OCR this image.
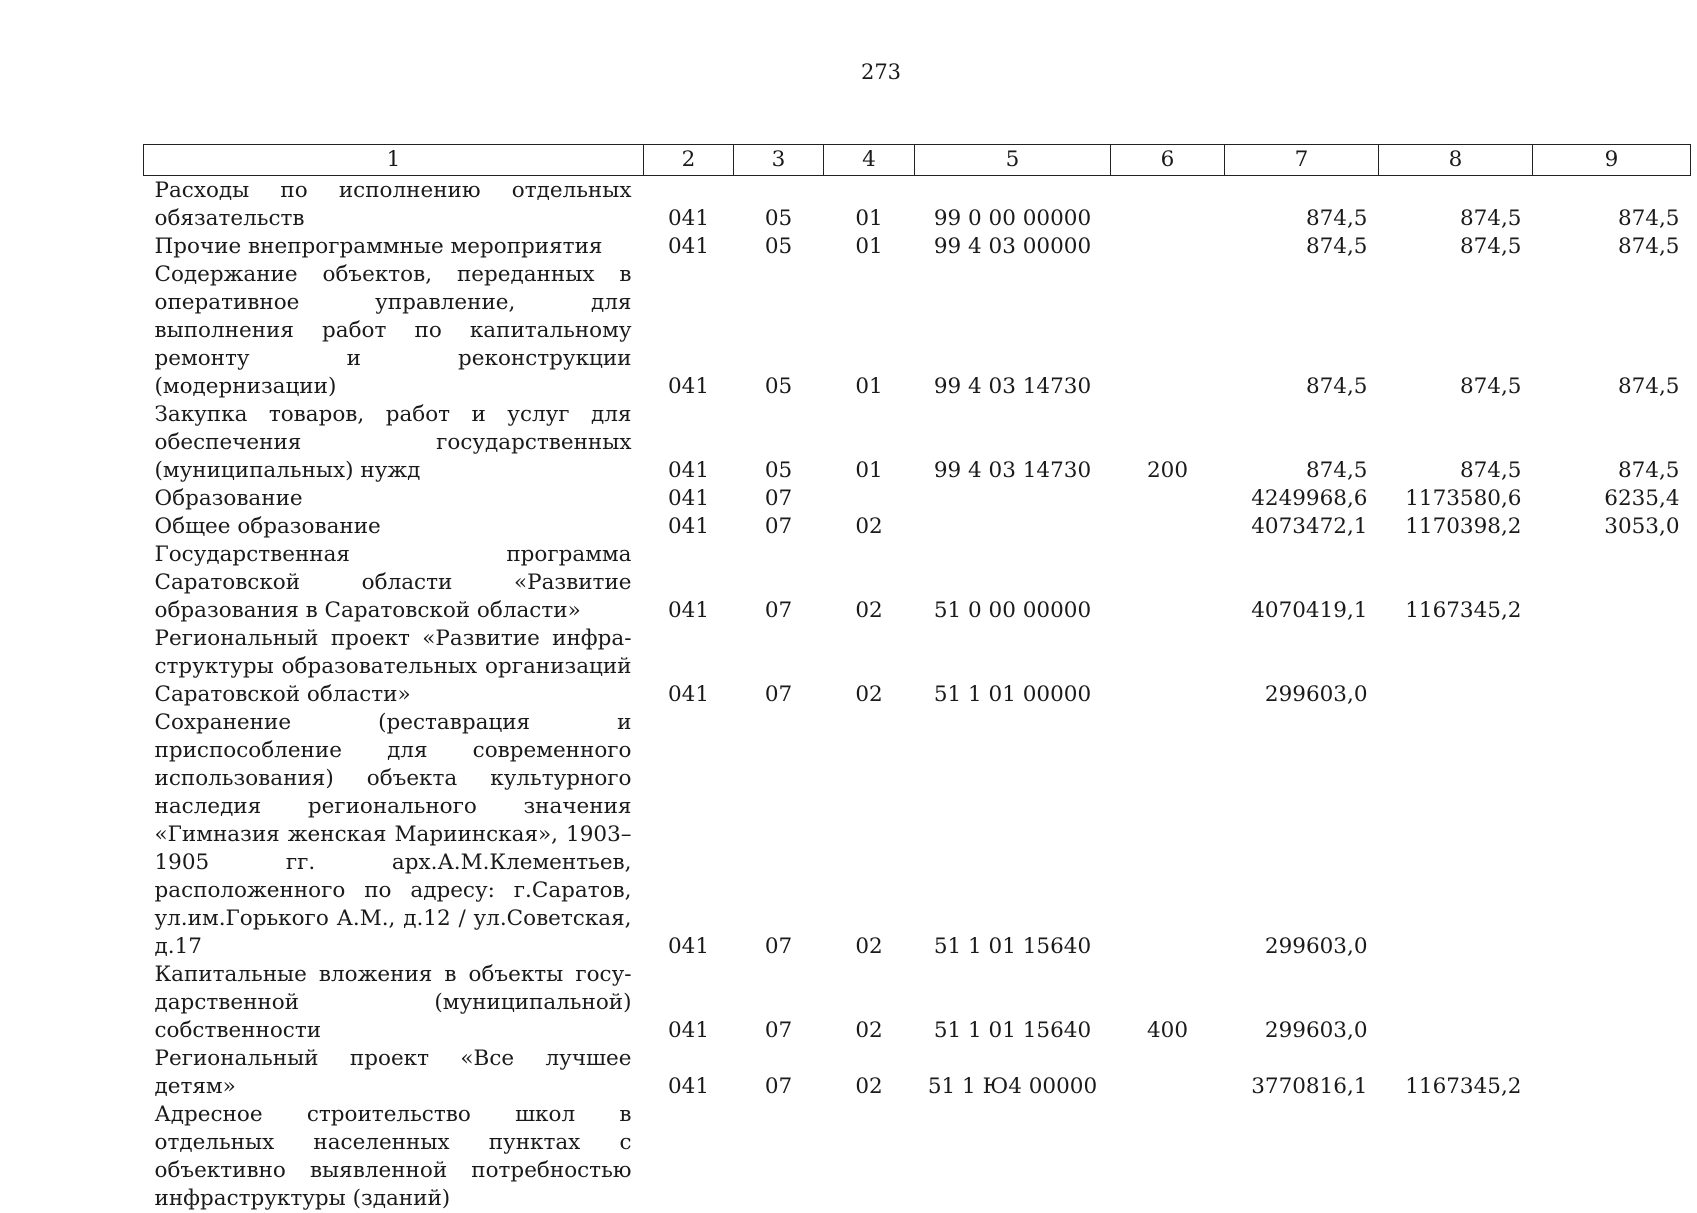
273
1	2	3	4	5	6	7	8	9

Расходы по исполнению отдельных обязательств	041	05	01	99 0 00 00000		874,5	874,5	874,5
Прочие внепрограммные мероприятия	041	05	01	99 4 03 00000		874,5	874,5	874,5
Содержание объектов, переданных в оперативное управление, для выполнения работ по капитальному ремонту и реконструкции (модернизации)	041	05	01	99 4 03 14730		874,5	874,5	874,5
Закупка товаров, работ и услуг для обеспечения государственных (муниципальных) нужд	041	05	01	99 4 03 14730	200	874,5	874,5	874,5
Образование	041	07				4249968,6	1173580,6	6235,4
Общее образование	041	07	02			4073472,1	1170398,2	3053,0
Государственная программа Саратовской области «Развитие образования в Саратовской области»	041	07	02	51 0 00 00000		4070419,1	1167345,2	
Региональный проект «Развитие инфраструктуры образовательных организаций Саратовской области»	041	07	02	51 1 01 00000		299603,0		
Сохранение (реставрация и приспособление для современного использования) объекта культурного наследия регионального значения «Гимназия женская Мариинская», 1903–1905 гг. арх.А.М.Клементьев, расположенного по адресу: г.Саратов, ул.им.Горького А.М., д.12 / ул.Советская, д.17	041	07	02	51 1 01 15640		299603,0		
Капитальные вложения в объекты государственной (муниципальной) собственности	041	07	02	51 1 01 15640	400	299603,0		
Региональный проект «Все лучшее детям»	041	07	02	51 1 Ю4 00000		3770816,1	1167345,2	
Адресное строительство школ в отдельных населенных пунктах с объективно выявленной потребностью инфраструктуры (зданий)								
